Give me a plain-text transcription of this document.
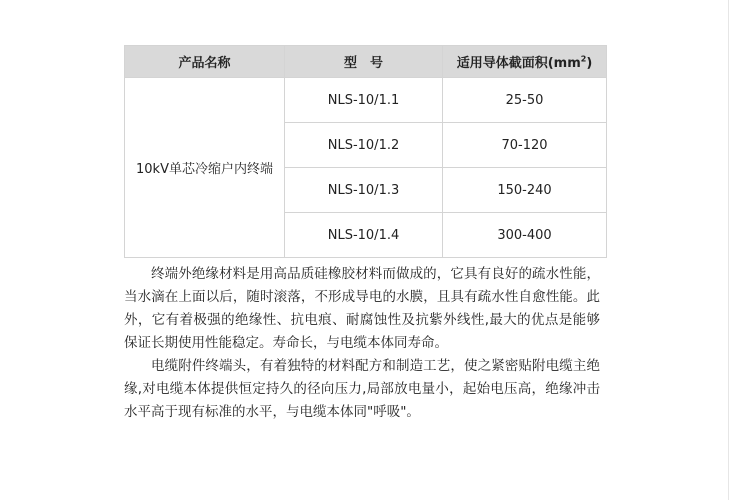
产品名称	型　号	适用导体截面积$(mm^2)$
10kV单芯冷缩户内终端	NLS-10/1.1	25-50
	NLS-10/1.2	70-120
	NLS-10/1.3	150-240
	NLS-10/1.4	300-400

终端外绝缘材料是用高品质硅橡胶材料而做成的，它具有良好的疏水性能，当水滴在上面以后，随时滚落，不形成导电的水膜，且具有疏水性自愈性能。此外，它有着极强的绝缘性、抗电痕、耐腐蚀性及抗紫外线性,最大的优点是能够保证长期使用性能稳定。寿命长，与电缆本体同寿命。

电缆附件终端头，有着独特的材料配方和制造工艺，使之紧密贴附电缆主绝缘,对电缆本体提供恒定持久的径向压力,局部放电量小，起始电压高，绝缘冲击水平高于现有标准的水平，与电缆本体同"呼吸"。
